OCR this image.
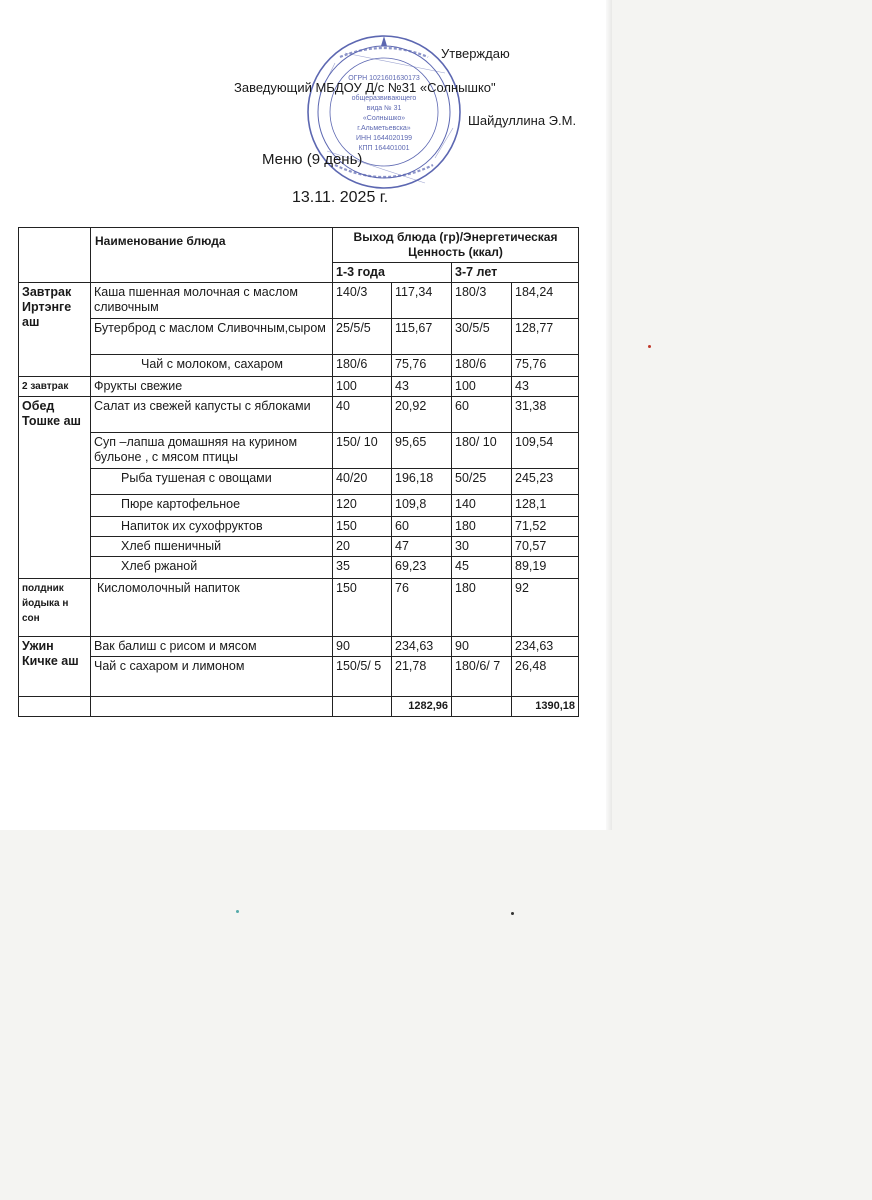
ОГРН 1021601630173
общеразвивающего
вида № 31
«Солнышко»
г.Альметьевска»
ИНН 1644020199
КПП 164401001
Утверждаю
Заведующий МБДОУ Д/с №31 «Солнышко"
Шайдуллина Э.М.
Меню (9 день)
13.11. 2025 г.
	Наименование блюда	Выход блюда (гр)/Энергетическая Ценность (ккал)			
		1-3 года		3-7 лет	
Завтрак Иртэнге аш	Каша пшенная молочная с маслом сливочным	140/3	117,34	180/3	184,24
	Бутерброд с маслом Сливочным,сыром	25/5/5	115,67	30/5/5	128,77
	Чай с молоком, сахаром	180/6	75,76	180/6	75,76
2 завтрак	Фрукты свежие	100	43	100	43
Обед Тошке аш	Салат из свежей капусты с яблоками	40	20,92	60	31,38
	Суп –лапша домашняя на курином бульоне , с мясом птицы	150/ 10	95,65	180/ 10	109,54
	Рыба тушеная с овощами	40/20	196,18	50/25	245,23
	Пюре картофельное	120	109,8	140	128,1
	Напиток их сухофруктов	150	60	180	71,52
	Хлеб пшеничный	20	47	30	70,57
	Хлеб ржаной	35	69,23	45	89,19
полдник йодыка н сон	Кисломолочный напиток	150	76	180	92
Ужин Кичке аш	Вак балиш с рисом и мясом	90	234,63	90	234,63
	Чай с сахаром и лимоном	150/5/ 5	21,78	180/6/ 7	26,48
			1282,96		1390,18
